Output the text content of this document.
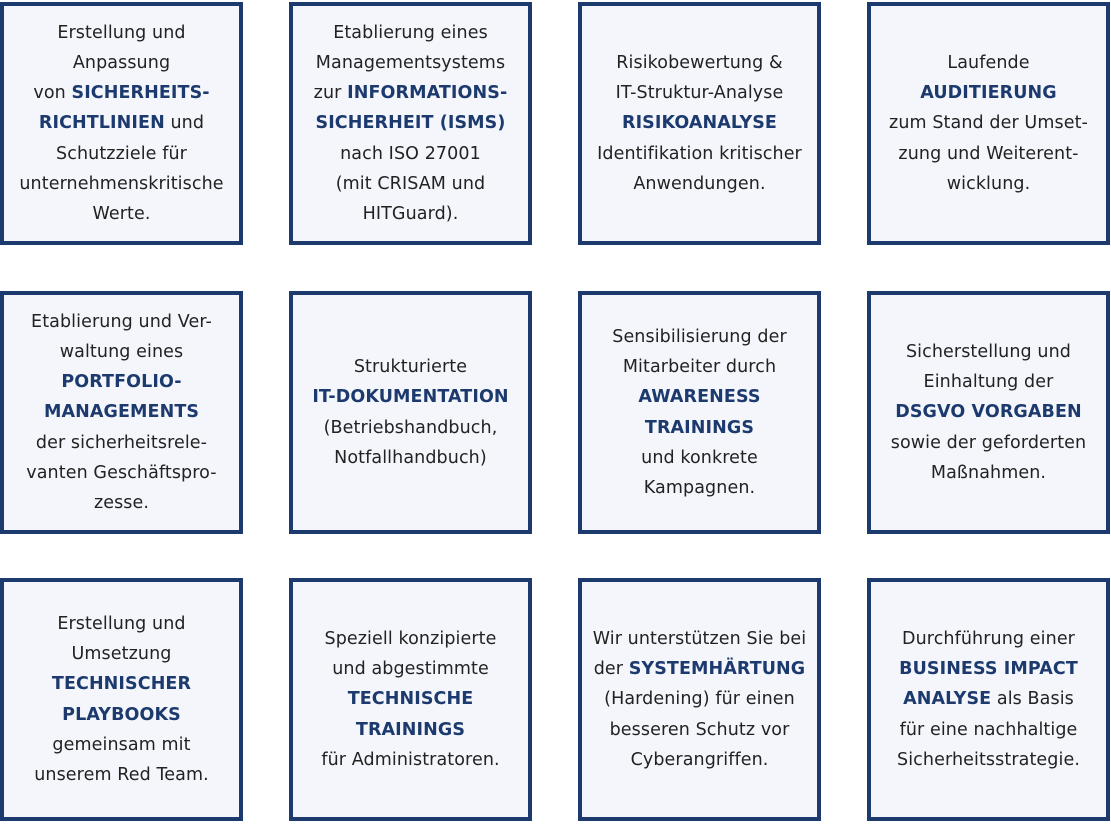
Erstellung und
Anpassung
von SICHERHEITS-
RICHTLINIEN und
Schutzziele für
unternehmenskritische
Werte.
Etablierung eines
Managementsystems
zur INFORMATIONS-
SICHERHEIT (ISMS)
nach ISO 27001
(mit CRISAM und
HITGuard).
Risikobewertung &
IT-Struktur-Analyse
RISIKOANALYSE
Identifikation kritischer
Anwendungen.
Laufende
AUDITIERUNG
zum Stand der Umset-
zung und Weiterent-
wicklung.
Etablierung und Ver-
waltung eines
PORTFOLIO-
MANAGEMENTS
der sicherheitsrele-
vanten Geschäftspro-
zesse.
Strukturierte
IT-DOKUMENTATION
(Betriebshandbuch,
Notfallhandbuch)
Sensibilisierung der
Mitarbeiter durch
AWARENESS
TRAININGS
und konkrete
Kampagnen.
Sicherstellung und
Einhaltung der
DSGVO VORGABEN
sowie der geforderten
Maßnahmen.
Erstellung und
Umsetzung
TECHNISCHER
PLAYBOOKS
gemeinsam mit
unserem Red Team.
Speziell konzipierte
und abgestimmte
TECHNISCHE
TRAININGS
für Administratoren.
Wir unterstützen Sie bei
der SYSTEMHÄRTUNG
(Hardening) für einen
besseren Schutz vor
Cyberangriffen.
Durchführung einer
BUSINESS IMPACT
ANALYSE als Basis
für eine nachhaltige
Sicherheitsstrategie.
